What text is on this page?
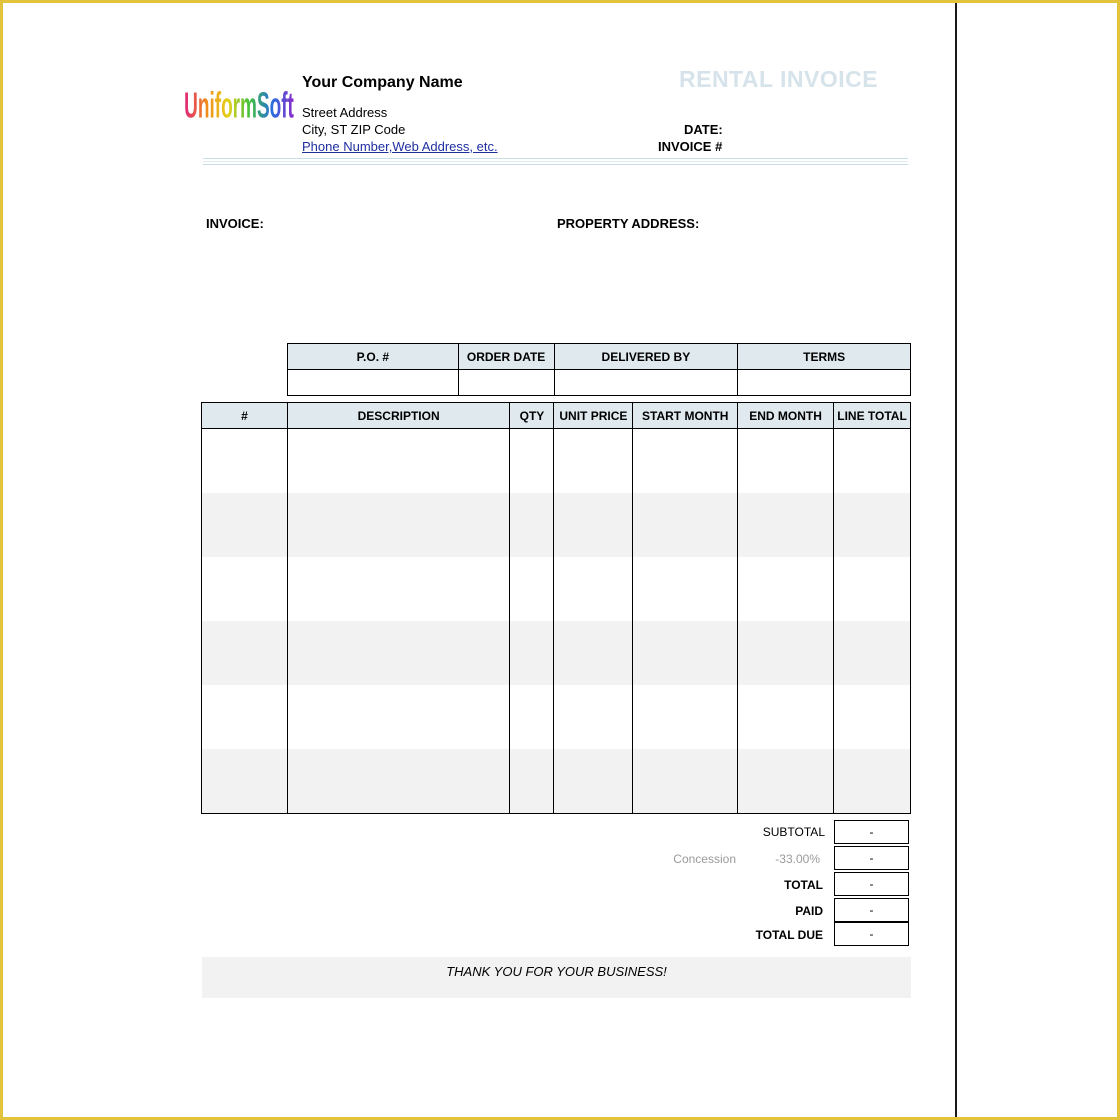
UniformSoft
Your Company Name
Street Address
City, ST ZIP Code
Phone Number,Web Address, etc.
RENTAL INVOICE
DATE:
INVOICE #
INVOICE:	PROPERTY ADDRESS:
P.O. #	ORDER DATE	DELIVERED BY	TERMS

#	DESCRIPTION	QTY	UNIT PRICE	START MONTH	END MONTH	LINE TOTAL

SUBTOTAL	-
Concession	-33.00%	-
TOTAL	-
PAID	-
TOTAL DUE	-
THANK YOU FOR YOUR BUSINESS!
